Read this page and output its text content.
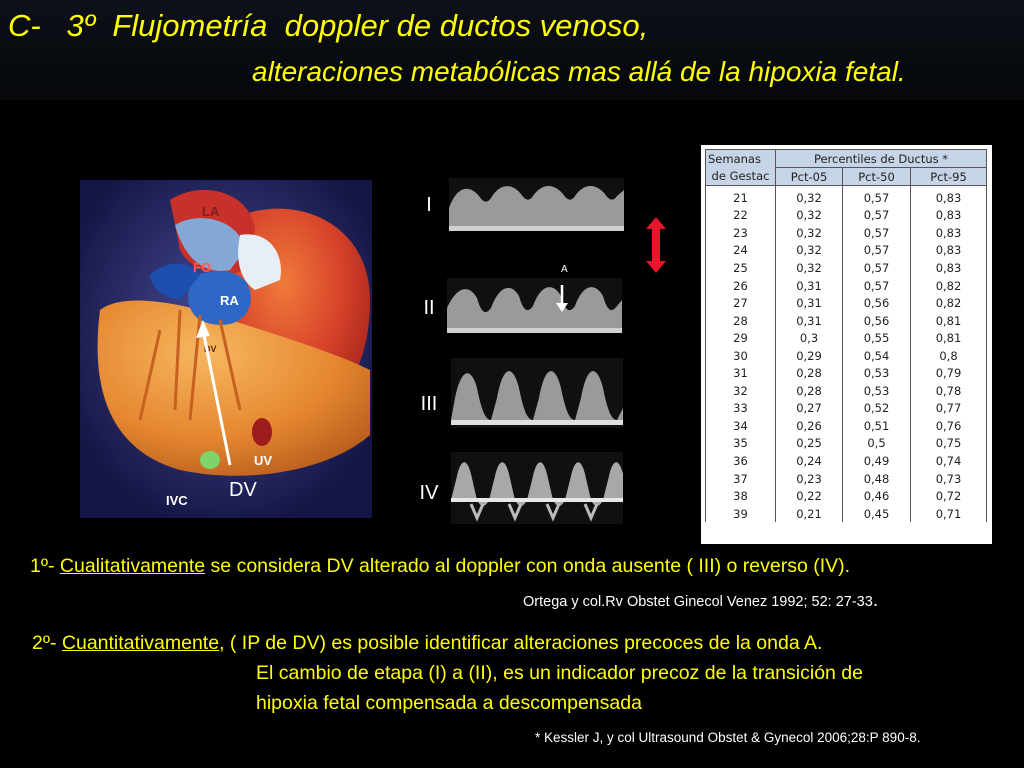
C-   3º  Flujometría  doppler de ductos venoso,
alteraciones metabólicas mas allá de la hipoxia fetal.
LA
FO
RA
DV
UV
IVC DV
I
II
III
IV
A
Semanas	Percentiles de Ductus *		
de Gestac	Pct-05	Pct-50	Pct-95
21	0,32	0,57	0,83
22	0,32	0,57	0,83
23	0,32	0,57	0,83
24	0,32	0,57	0,83
25	0,32	0,57	0,83
26	0,31	0,57	0,82
27	0,31	0,56	0,82
28	0,31	0,56	0,81
29	0,3	0,55	0,81
30	0,29	0,54	0,8
31	0,28	0,53	0,79
32	0,28	0,53	0,78
33	0,27	0,52	0,77
34	0,26	0,51	0,76
35	0,25	0,5	0,75
36	0,24	0,49	0,74
37	0,23	0,48	0,73
38	0,22	0,46	0,72
39	0,21	0,45	0,71
1º- Cualitativamente se considera DV alterado al doppler con onda ausente ( III) o reverso (IV).
Ortega y col.Rv Obstet Ginecol Venez 1992; 52: 27-33.
2º- Cuantitativamente, ( IP de DV) es posible identificar alteraciones precoces de la onda A.
El cambio de etapa (I) a (II), es un indicador precoz de la transición de
hipoxia fetal compensada a descompensada
* Kessler J, y col Ultrasound Obstet & Gynecol 2006;28:P 890-8.
